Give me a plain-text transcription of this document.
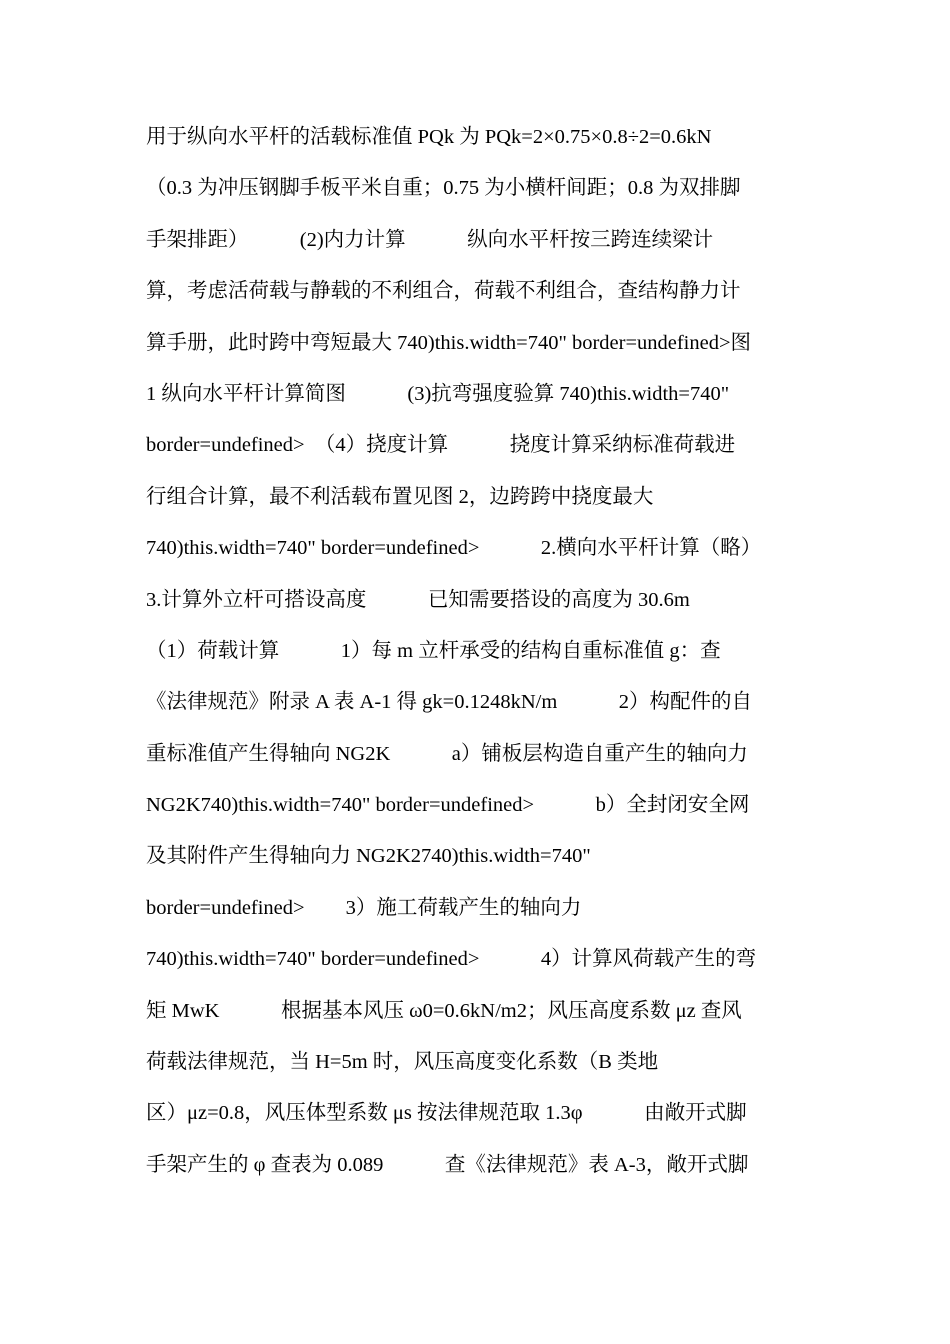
用于纵向水平杆的活载标准值 PQk 为 PQk=2×0.75×0.8÷2=0.6kN
（0.3 为冲压钢脚手板平米自重；0.75 为小横杆间距；0.8 为双排脚
手架排距）　　　(2)内力计算　　　纵向水平杆按三跨连续梁计
算，考虑活荷载与静载的不利组合，荷载不利组合，查结构静力计
算手册，此时跨中弯短最大 740)this.width=740" border=undefined>图
1 纵向水平杆计算简图　　　(3)抗弯强度验算 740)this.width=740"
border=undefined>　（4）挠度计算　　　挠度计算采纳标准荷载进
行组合计算，最不利活载布置见图 2，边跨跨中挠度最大
740)this.width=740" border=undefined>　　　2.横向水平杆计算（略）
3.计算外立杆可搭设高度　　　已知需要搭设的高度为 30.6m
（1）荷载计算　　　1）每 m 立杆承受的结构自重标准值 g：查
《法律规范》附录 A 表 A-1 得 gk=0.1248kN/m　　　2）构配件的自
重标准值产生得轴向 NG2K　　　a）铺板层构造自重产生的轴向力
NG2K740)this.width=740" border=undefined>　　　b）全封闭安全网
及其附件产生得轴向力 NG2K2740)this.width=740"
border=undefined>　　3）施工荷载产生的轴向力
740)this.width=740" border=undefined>　　　4）计算风荷载产生的弯
矩 MwK　　　根据基本风压 ω0=0.6kN/m2；风压高度系数 μz 查风
荷载法律规范，当 H=5m 时，风压高度变化系数（B 类地
区）μz=0.8，风压体型系数 μs 按法律规范取 1.3φ　　　由敞开式脚
手架产生的 φ 查表为 0.089　　　查《法律规范》表 A-3，敞开式脚
